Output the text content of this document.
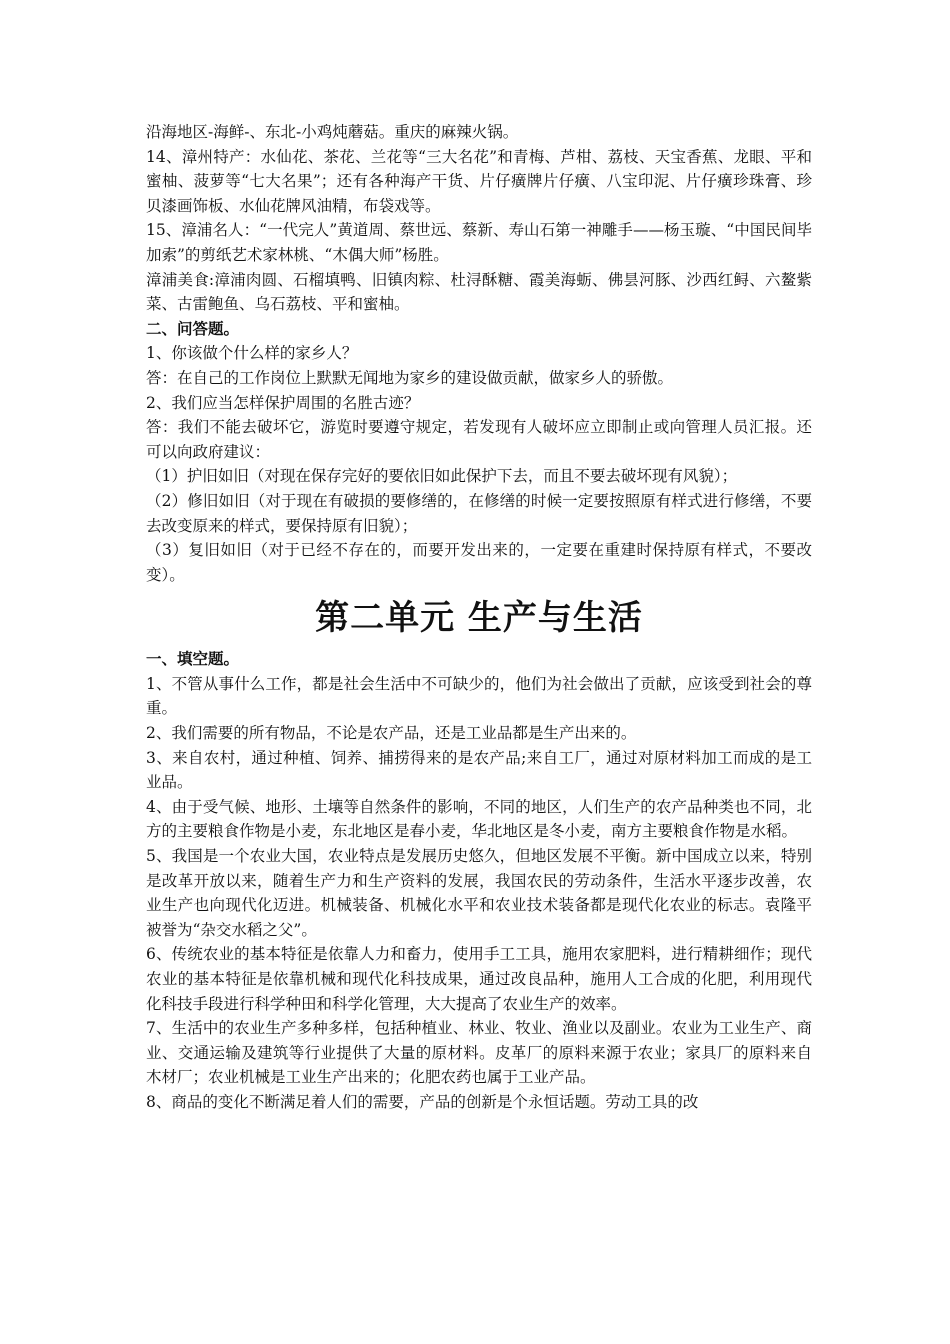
沿海地区-海鲜-、东北-小鸡炖蘑菇。重庆的麻辣火锅。

14、漳州特产：水仙花、茶花、兰花等“三大名花”和青梅、芦柑、荔枝、天宝香蕉、龙眼、平和蜜柚、菠萝等“七大名果”；还有各种海产干货、片仔癀牌片仔癀、八宝印泥、片仔癀珍珠膏、珍贝漆画饰板、水仙花牌风油精，布袋戏等。

15、漳浦名人：“一代完人”黄道周、蔡世远、蔡新、寿山石第一神雕手——杨玉璇、“中国民间毕加索”的剪纸艺术家林桃、“木偶大师”杨胜。

漳浦美食:漳浦肉圆、石榴填鸭、旧镇肉粽、杜浔酥糖、霞美海蛎、佛昙河豚、沙西红鲟、六鳌紫菜、古雷鲍鱼、乌石荔枝、平和蜜柚。

二、问答题。

1、你该做个什么样的家乡人？

答：在自己的工作岗位上默默无闻地为家乡的建设做贡献，做家乡人的骄傲。

2、我们应当怎样保护周围的名胜古迹？

答：我们不能去破坏它，游览时要遵守规定，若发现有人破坏应立即制止或向管理人员汇报。还可以向政府建议：

（1）护旧如旧（对现在保存完好的要依旧如此保护下去，而且不要去破坏现有风貌）；

（2）修旧如旧（对于现在有破损的要修缮的，在修缮的时候一定要按照原有样式进行修缮，不要去改变原来的样式，要保持原有旧貌）；

（3）复旧如旧（对于已经不存在的，而要开发出来的，一定要在重建时保持原有样式，不要改变）。

第二单元 生产与生活

一、填空题。

1、不管从事什么工作，都是社会生活中不可缺少的，他们为社会做出了贡献，应该受到社会的尊重。

2、我们需要的所有物品，不论是农产品，还是工业品都是生产出来的。

3、来自农村，通过种植、饲养、捕捞得来的是农产品;来自工厂，通过对原材料加工而成的是工业品。

4、由于受气候、地形、土壤等自然条件的影响，不同的地区，人们生产的农产品种类也不同，北方的主要粮食作物是小麦，东北地区是春小麦，华北地区是冬小麦，南方主要粮食作物是水稻。

5、我国是一个农业大国，农业特点是发展历史悠久，但地区发展不平衡。新中国成立以来，特别是改革开放以来，随着生产力和生产资料的发展，我国农民的劳动条件，生活水平逐步改善，农业生产也向现代化迈进。机械装备、机械化水平和农业技术装备都是现代化农业的标志。袁隆平被誉为“杂交水稻之父”。

6、传统农业的基本特征是依靠人力和畜力，使用手工工具，施用农家肥料，进行精耕细作；现代农业的基本特征是依靠机械和现代化科技成果，通过改良品种，施用人工合成的化肥，利用现代化科技手段进行科学种田和科学化管理，大大提高了农业生产的效率。

7、生活中的农业生产多种多样，包括种植业、林业、牧业、渔业以及副业。农业为工业生产、商业、交通运输及建筑等行业提供了大量的原材料。皮革厂的原料来源于农业；家具厂的原料来自木材厂；农业机械是工业生产出来的；化肥农药也属于工业产品。

8、商品的变化不断满足着人们的需要，产品的创新是个永恒话题。劳动工具的改
